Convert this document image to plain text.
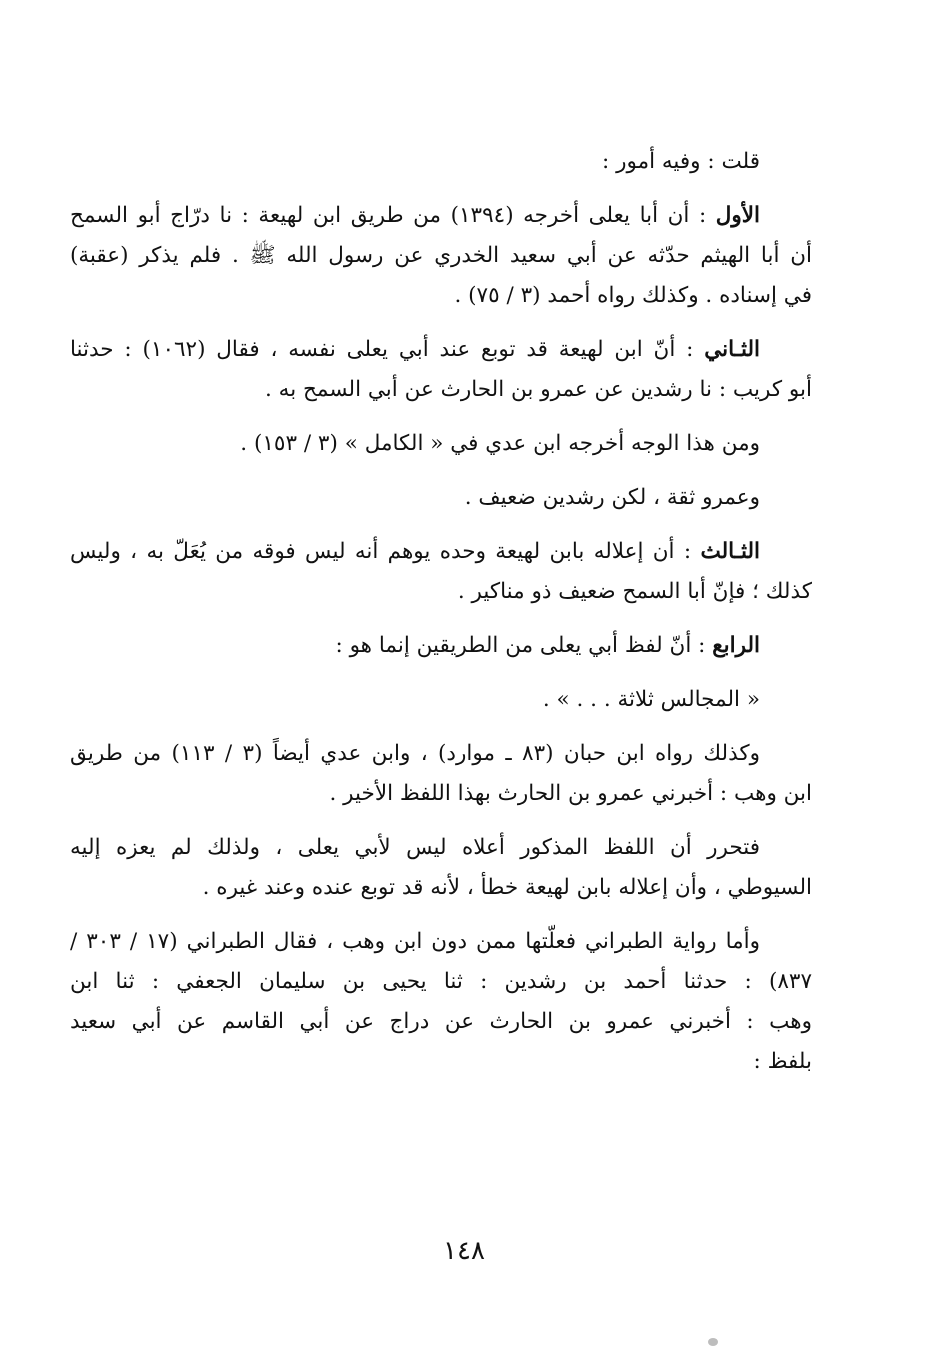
قلت : وفيه أمور :

الأول : أن أبا يعلى أخرجه (١٣٩٤) من طريق ابن لهيعة : نا درّاج أبو السمح
أن أبا الهيثم حدّثه عن أبي سعيد الخدري عن رسول الله ﷺ . فلم يذكر (عقبة)
في إسناده . وكذلك رواه أحمد (٣ / ٧٥) .

الثـاني : أنّ ابن لهيعة قد توبع عند أبي يعلى نفسه ، فقال (١٠٦٢) : حدثنا
أبو كريب : نا رشدين عن عمرو بن الحارث عن أبي السمح به .

ومن هذا الوجه أخرجه ابن عدي في « الكامل » (٣ / ١٥٣) .

وعمرو ثقة ، لكن رشدين ضعيف .

الثـالث : أن إعلاله بابن لهيعة وحده يوهم أنه ليس فوقه من يُعَلّ به ، وليس
كذلك ؛ فإنّ أبا السمح ضعيف ذو مناكير .

الرابع : أنّ لفظ أبي يعلى من الطريقين إنما هو :

« المجالس ثلاثة . . . » .

وكذلك رواه ابن حبان (٨٣ ـ موارد) ، وابن عدي أيضاً (٣ / ١١٣) من طريق
ابن وهب : أخبرني عمرو بن الحارث بهذا اللفظ الأخير .

فتحرر أن اللفظ المذكور أعلاه ليس لأبي يعلى ، ولذلك لم يعزه إليه
السيوطي ، وأن إعلاله بابن لهيعة خطأ ، لأنه قد توبع عنده وعند غيره .

وأما رواية الطبراني فعلّتها ممن دون ابن وهب ، فقال الطبراني (١٧ / ٣٠٣ /
٨٣٧) : حدثنا أحمد بن رشدين : ثنا يحيى بن سليمان الجعفي : ثنا ابن
وهب : أخبرني عمرو بن الحارث عن دراج عن أبي القاسم عن أبي سعيد
بلفظ :

١٤٨
